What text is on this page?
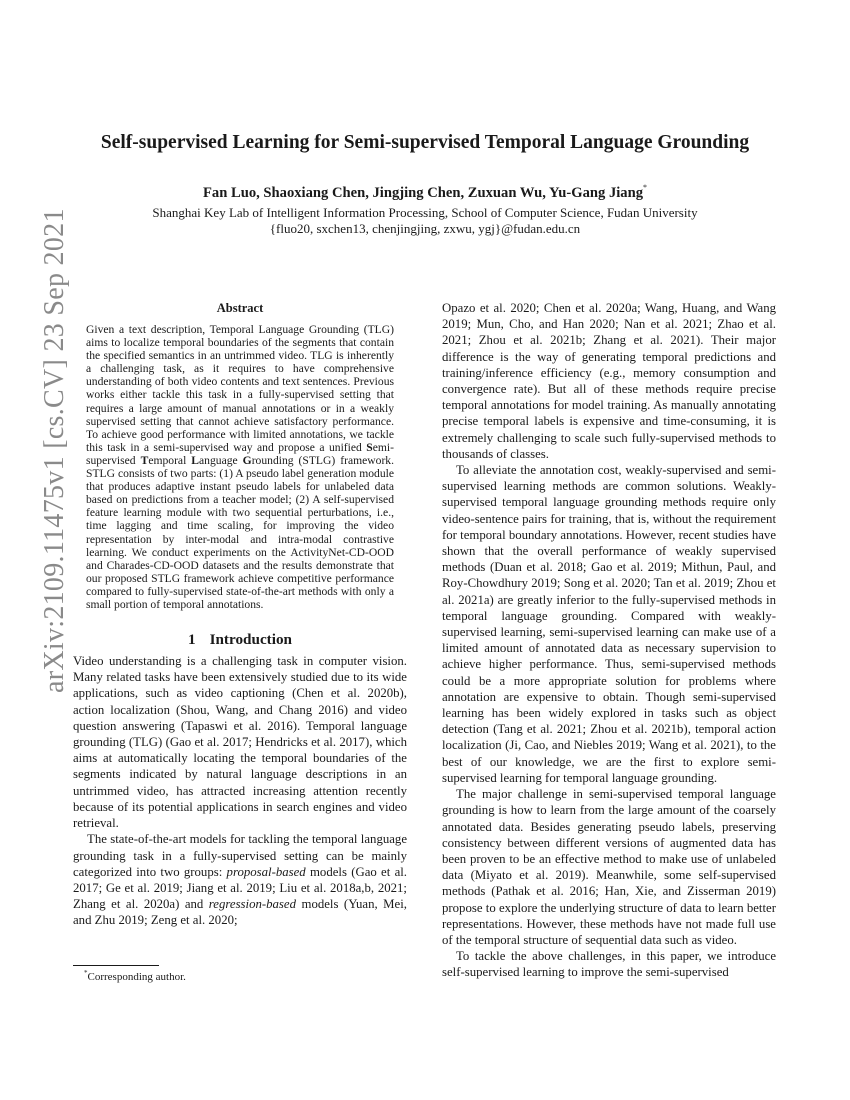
arXiv:2109.11475v1 [cs.CV] 23 Sep 2021
Self-supervised Learning for Semi-supervised Temporal Language Grounding
Fan Luo, Shaoxiang Chen, Jingjing Chen, Zuxuan Wu, Yu-Gang Jiang*
Shanghai Key Lab of Intelligent Information Processing, School of Computer Science, Fudan University
{fluo20, sxchen13, chenjingjing, zxwu, ygj}@fudan.edu.cn
Abstract

Given a text description, Temporal Language Grounding (TLG) aims to localize temporal boundaries of the segments that contain the specified semantics in an untrimmed video. TLG is inherently a challenging task, as it requires to have comprehensive understanding of both video contents and text sentences. Previous works either tackle this task in a fully-supervised setting that requires a large amount of manual annotations or in a weakly supervised setting that cannot achieve satisfactory performance. To achieve good performance with limited annotations, we tackle this task in a semi-supervised way and propose a unified Semi-supervised Temporal Language Grounding (STLG) framework. STLG consists of two parts: (1) A pseudo label generation module that produces adaptive instant pseudo labels for unlabeled data based on predictions from a teacher model; (2) A self-supervised feature learning module with two sequential perturbations, i.e., time lagging and time scaling, for improving the video representation by inter-modal and intra-modal contrastive learning. We conduct experiments on the ActivityNet-CD-OOD and Charades-CD-OOD datasets and the results demonstrate that our proposed STLG framework achieve competitive performance compared to fully-supervised state-of-the-art methods with only a small portion of temporal annotations.

1 Introduction

Video understanding is a challenging task in computer vision. Many related tasks have been extensively studied due to its wide applications, such as video captioning (Chen et al. 2020b), action localization (Shou, Wang, and Chang 2016) and video question answering (Tapaswi et al. 2016). Temporal language grounding (TLG) (Gao et al. 2017; Hendricks et al. 2017), which aims at automatically locating the temporal boundaries of the segments indicated by natural language descriptions in an untrimmed video, has attracted increasing attention recently because of its potential applications in search engines and video retrieval.

The state-of-the-art models for tackling the temporal language grounding task in a fully-supervised setting can be mainly categorized into two groups: proposal-based models (Gao et al. 2017; Ge et al. 2019; Jiang et al. 2019; Liu et al. 2018a,b, 2021; Zhang et al. 2020a) and regression-based models (Yuan, Mei, and Zhu 2019; Zeng et al. 2020;

*Corresponding author.

Opazo et al. 2020; Chen et al. 2020a; Wang, Huang, and Wang 2019; Mun, Cho, and Han 2020; Nan et al. 2021; Zhao et al. 2021; Zhou et al. 2021b; Zhang et al. 2021). Their major difference is the way of generating temporal predictions and training/inference efficiency (e.g., memory consumption and convergence rate). But all of these methods require precise temporal annotations for model training. As manually annotating precise temporal labels is expensive and time-consuming, it is extremely challenging to scale such fully-supervised methods to thousands of classes.

To alleviate the annotation cost, weakly-supervised and semi-supervised learning methods are common solutions. Weakly-supervised temporal language grounding methods require only video-sentence pairs for training, that is, without the requirement for temporal boundary annotations. However, recent studies have shown that the overall performance of weakly supervised methods (Duan et al. 2018; Gao et al. 2019; Mithun, Paul, and Roy-Chowdhury 2019; Song et al. 2020; Tan et al. 2019; Zhou et al. 2021a) are greatly inferior to the fully-supervised methods in temporal language grounding. Compared with weakly-supervised learning, semi-supervised learning can make use of a limited amount of annotated data as necessary supervision to achieve higher performance. Thus, semi-supervised methods could be a more appropriate solution for problems where annotation are expensive to obtain. Though semi-supervised learning has been widely explored in tasks such as object detection (Tang et al. 2021; Zhou et al. 2021b), temporal action localization (Ji, Cao, and Niebles 2019; Wang et al. 2021), to the best of our knowledge, we are the first to explore semi-supervised learning for temporal language grounding.

The major challenge in semi-supervised temporal language grounding is how to learn from the large amount of the coarsely annotated data. Besides generating pseudo labels, preserving consistency between different versions of augmented data has been proven to be an effective method to make use of unlabeled data (Miyato et al. 2019). Meanwhile, some self-supervised methods (Pathak et al. 2016; Han, Xie, and Zisserman 2019) propose to explore the underlying structure of data to learn better representations. However, these methods have not made full use of the temporal structure of sequential data such as video.

To tackle the above challenges, in this paper, we introduce self-supervised learning to improve the semi-supervised
